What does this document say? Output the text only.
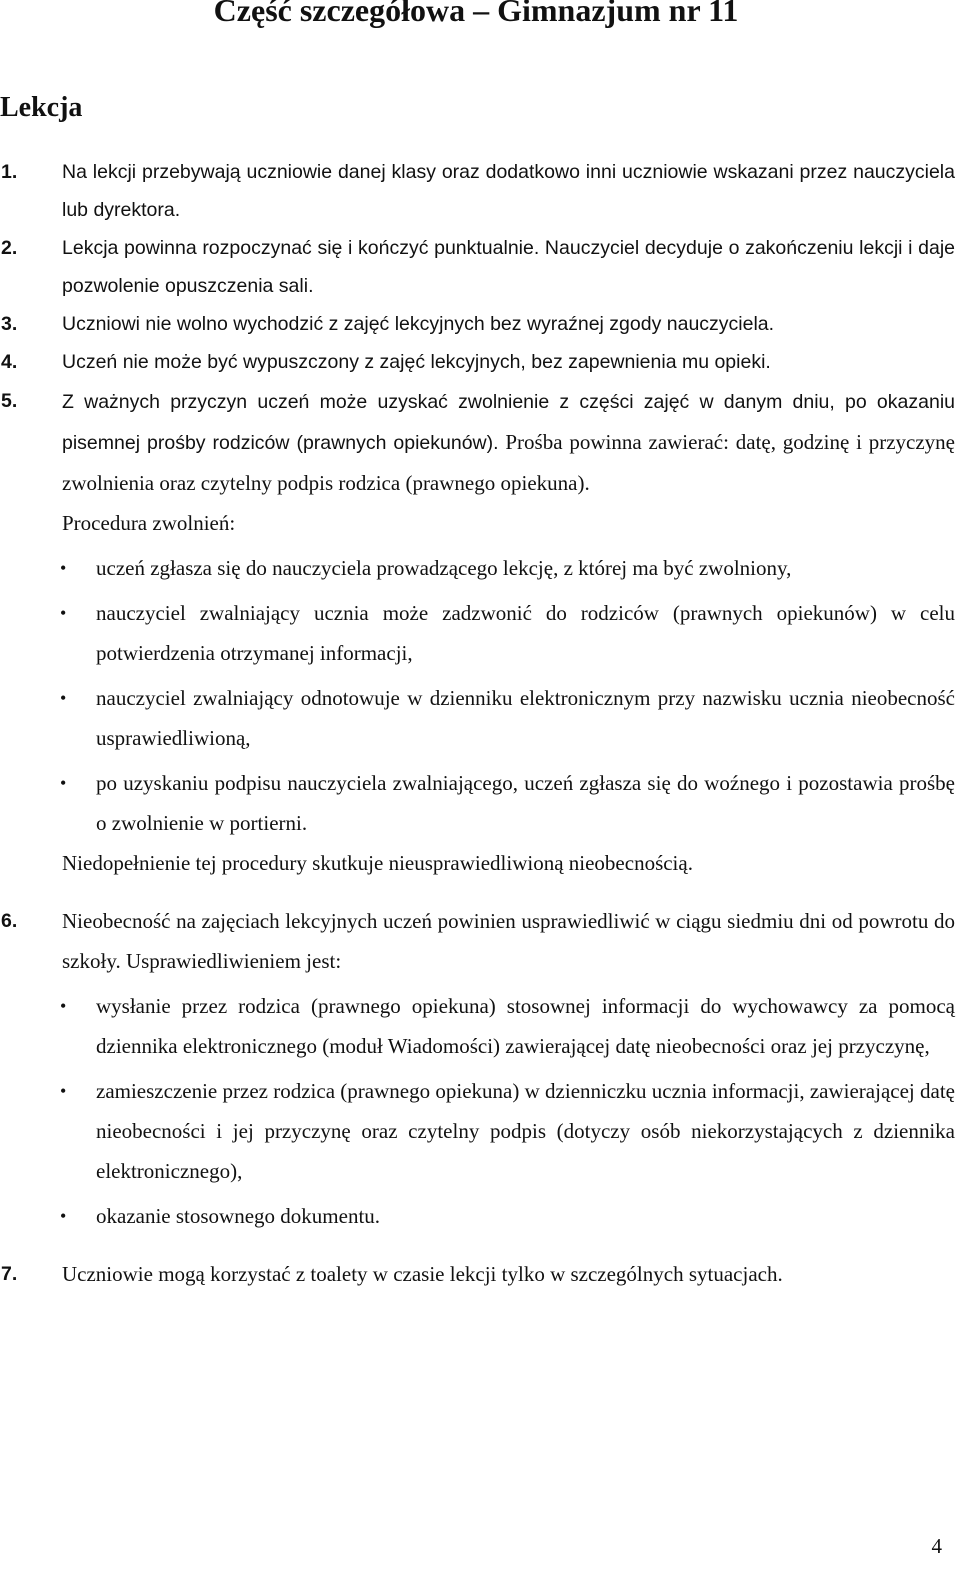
Część szczegółowa – Gimnazjum nr 11
Lekcja
1. Na lekcji przebywają uczniowie danej klasy oraz dodatkowo inni uczniowie wskazani przez nauczyciela lub dyrektora.
2. Lekcja powinna rozpoczynać się i kończyć punktualnie. Nauczyciel decyduje o zakończeniu lekcji i daje pozwolenie opuszczenia sali.
3. Uczniowi nie wolno wychodzić z zajęć lekcyjnych bez wyraźnej zgody nauczyciela.
4. Uczeń nie może być wypuszczony z zajęć lekcyjnych, bez zapewnienia mu opieki.
5. Z ważnych przyczyn uczeń może uzyskać zwolnienie z części zajęć w danym dniu, po okazaniu pisemnej prośby rodziców (prawnych opiekunów). Prośba powinna zawierać: datę, godzinę i przyczynę zwolnienia oraz czytelny podpis rodzica (prawnego opiekuna).
Procedura zwolnień:
• uczeń zgłasza się do nauczyciela prowadzącego lekcję, z której ma być zwolniony,
• nauczyciel zwalniający ucznia może zadzwonić do rodziców (prawnych opiekunów) w celu potwierdzenia otrzymanej informacji,
• nauczyciel zwalniający odnotowuje w dzienniku elektronicznym przy nazwisku ucznia nieobecność usprawiedliwioną,
• po uzyskaniu podpisu nauczyciela zwalniającego, uczeń zgłasza się do woźnego i pozostawia prośbę o zwolnienie w portierni.
Niedopełnienie tej procedury skutkuje nieusprawiedliwioną nieobecnością.
6. Nieobecność na zajęciach lekcyjnych uczeń powinien usprawiedliwić w ciągu siedmiu dni od powrotu do szkoły. Usprawiedliwieniem jest:
• wysłanie przez rodzica (prawnego opiekuna) stosownej informacji do wychowawcy za pomocą dziennika elektronicznego (moduł Wiadomości) zawierającej datę nieobecności oraz jej przyczynę,
• zamieszczenie przez rodzica (prawnego opiekuna) w dzienniczku ucznia informacji, zawierającej datę nieobecności i jej przyczynę oraz czytelny podpis (dotyczy osób niekorzystających z dziennika elektronicznego),
• okazanie stosownego dokumentu.
7. Uczniowie mogą korzystać z toalety w czasie lekcji tylko w szczególnych sytuacjach.
4
